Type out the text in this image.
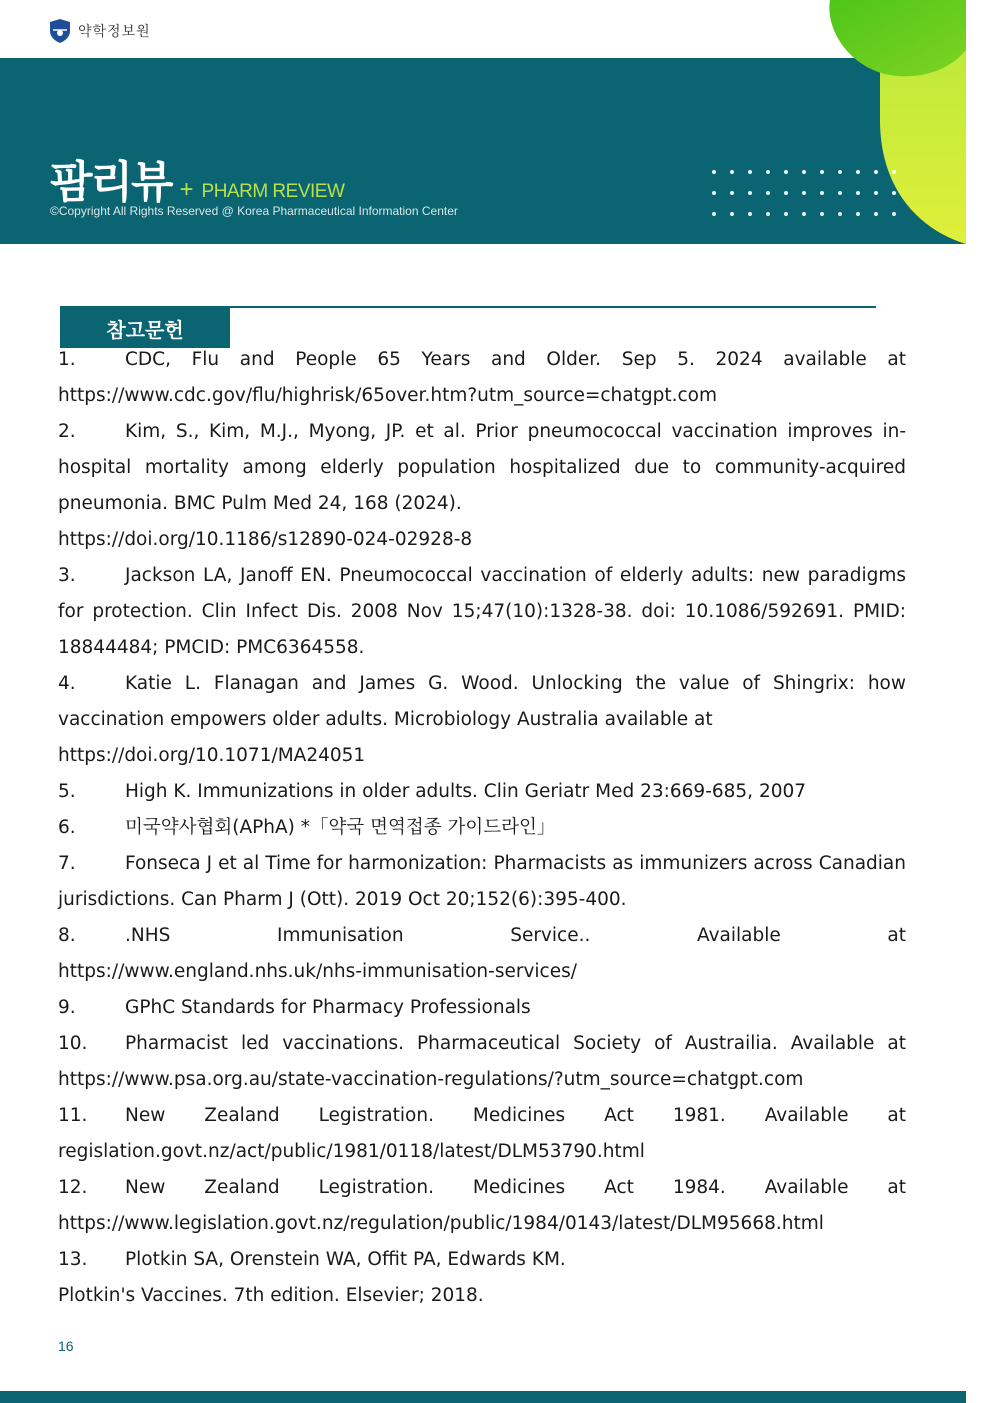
약학정보원
팜리뷰 + PHARM REVIEW
©Copyright All Rights Reserved @ Korea Pharmaceutical Information Center
참고문헌
1.	CDC, Flu and People 65 Years and Older. Sep 5. 2024 available at
https://www.cdc.gov/flu/highrisk/65over.htm?utm_source=chatgpt.com
2.	Kim, S., Kim, M.J., Myong, JP. et al. Prior pneumococcal vaccination improves in-hospital mortality among elderly population hospitalized due to community-acquired pneumonia. BMC Pulm Med 24, 168 (2024).
https://doi.org/10.1186/s12890-024-02928-8
3.	Jackson LA, Janoff EN. Pneumococcal vaccination of elderly adults: new paradigms for protection. Clin Infect Dis. 2008 Nov 15;47(10):1328-38. doi: 10.1086/592691. PMID: 18844484; PMCID: PMC6364558.
4.	Katie L. Flanagan and James G. Wood. Unlocking the value of Shingrix: how vaccination empowers older adults. Microbiology Australia available at
https://doi.org/10.1071/MA24051
5.	High K. Immunizations in older adults. Clin Geriatr Med 23:669-685, 2007
6.	미국약사협회(APhA) *「약국 면역접종 가이드라인」
7.	Fonseca J et al Time for harmonization: Pharmacists as immunizers across Canadian jurisdictions. Can Pharm J (Ott). 2019 Oct 20;152(6):395-400.
8.	.NHS Immunisation Service.. Available at
https://www.england.nhs.uk/nhs-immunisation-services/
9.	GPhC Standards for Pharmacy Professionals
10. Pharmacist led vaccinations. Pharmaceutical Society of Austrailia. Available at
https://www.psa.org.au/state-vaccination-regulations/?utm_source=chatgpt.com
11. New Zealand Legistration. Medicines Act 1981. Available at
regislation.govt.nz/act/public/1981/0118/latest/DLM53790.html
12. New Zealand Legistration. Medicines Act 1984. Available at
https://www.legislation.govt.nz/regulation/public/1984/0143/latest/DLM95668.html
13. Plotkin SA, Orenstein WA, Offit PA, Edwards KM.
Plotkin's Vaccines. 7th edition. Elsevier; 2018.
16
